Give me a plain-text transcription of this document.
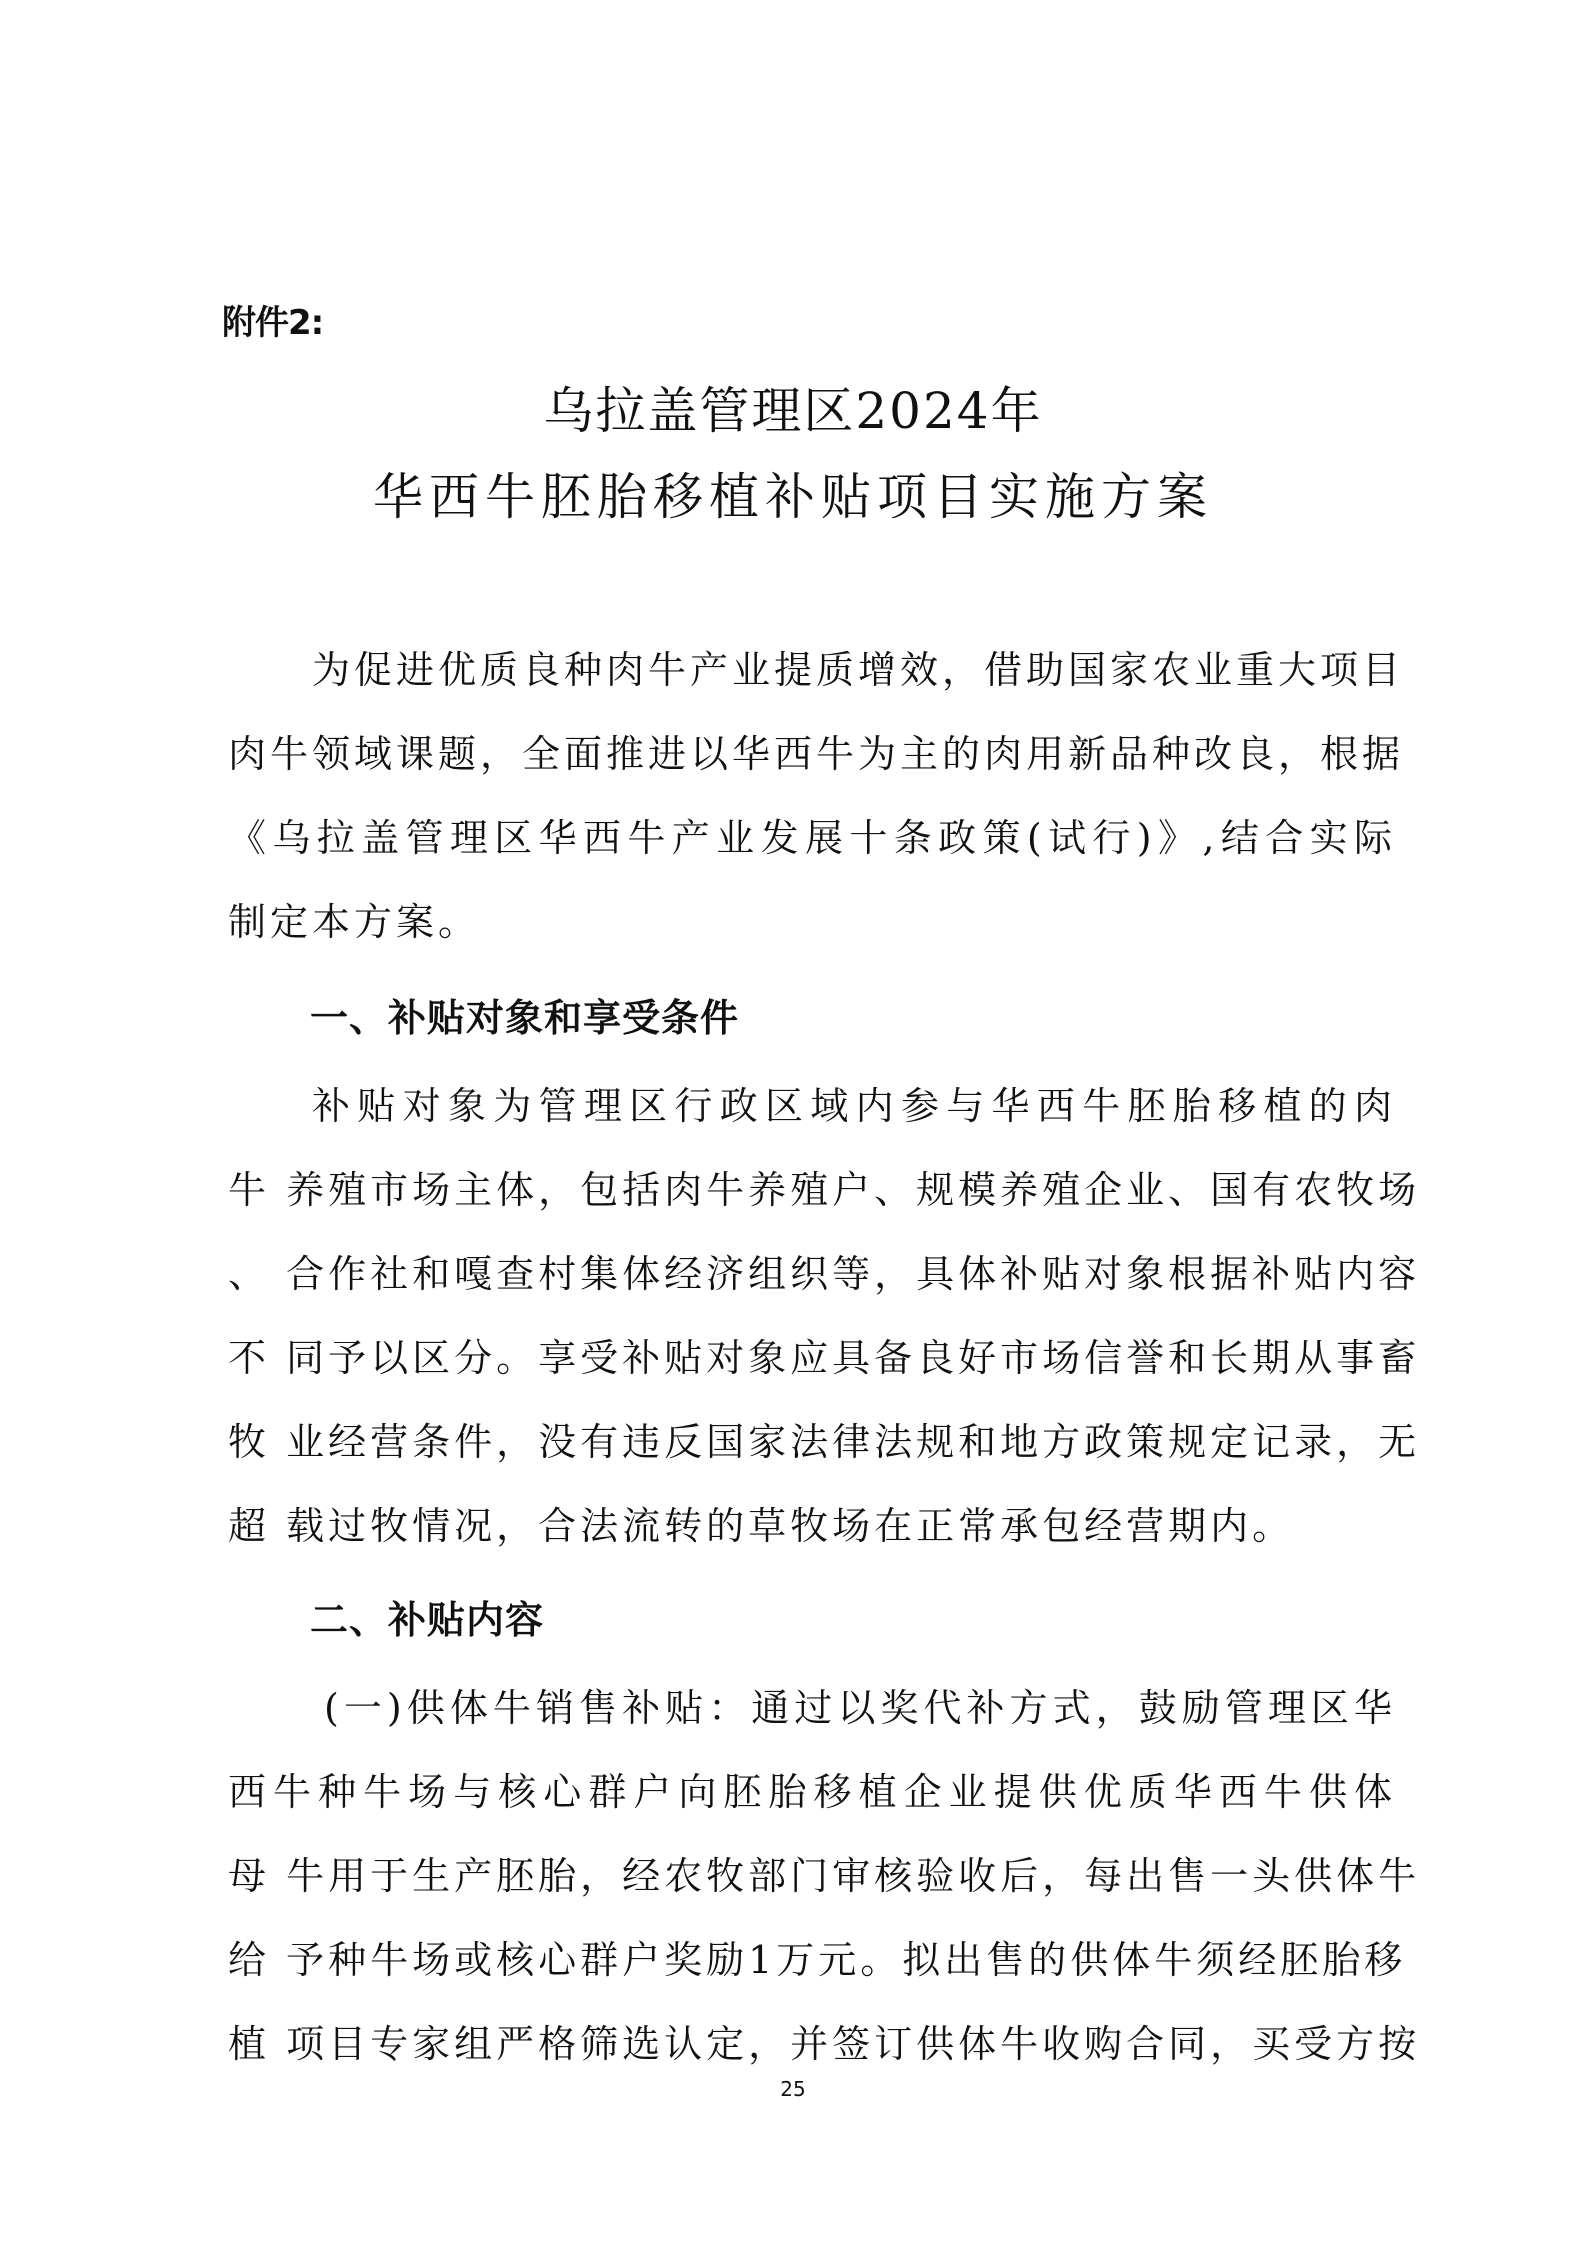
附件2:
乌拉盖管理区2024年
华西牛胚胎移植补贴项目实施方案
为促进优质良种肉牛产业提质增效，借助国家农业重大项目
肉牛领域课题，全面推进以华西牛为主的肉用新品种改良，根据
《乌拉盖管理区华西牛产业发展十条政策(试行)》,结合实际
制定本方案。
一、补贴对象和享受条件
补贴对象为管理区行政区域内参与华西牛胚胎移植的肉
牛 养殖市场主体，包括肉牛养殖户、规模养殖企业、国有农牧场
、 合作社和嘎查村集体经济组织等，具体补贴对象根据补贴内容
不 同予以区分。享受补贴对象应具备良好市场信誉和长期从事畜
牧 业经营条件，没有违反国家法律法规和地方政策规定记录，无
超 载过牧情况，合法流转的草牧场在正常承包经营期内。
二、补贴内容
(一)供体牛销售补贴：通过以奖代补方式，鼓励管理区华
西牛种牛场与核心群户向胚胎移植企业提供优质华西牛供体
母 牛用于生产胚胎，经农牧部门审核验收后，每出售一头供体牛
给 予种牛场或核心群户奖励1万元。拟出售的供体牛须经胚胎移
植 项目专家组严格筛选认定，并签订供体牛收购合同，买受方按
25
